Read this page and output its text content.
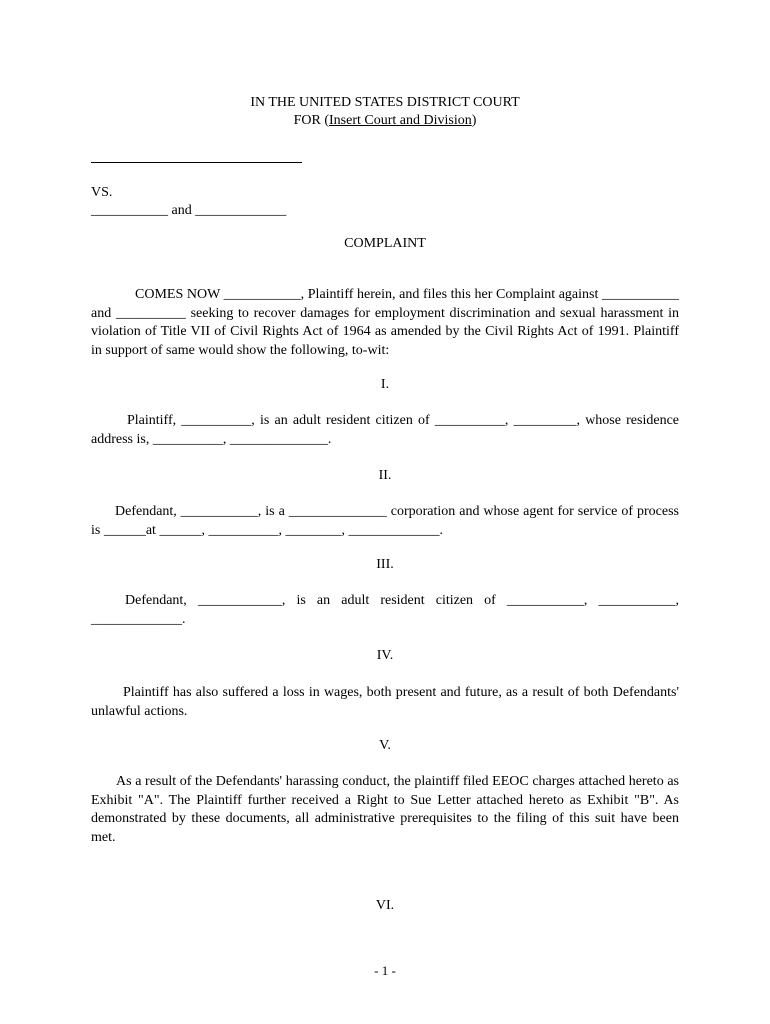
IN THE UNITED STATES DISTRICT COURT

FOR (Insert Court and Division)

VS.

___________ and _____________

COMPLAINT

COMES NOW ___________, Plaintiff herein, and files this her Complaint against ___________ and __________ seeking to recover damages for employment discrimination and sexual harassment in violation of Title VII of Civil Rights Act of 1964 as amended by the Civil Rights Act of 1991. Plaintiff in support of same would show the following, to-wit:

I.

Plaintiff, __________, is an adult resident citizen of __________, _________, whose residence address is, __________, ______________.

II.

Defendant, ___________, is a ______________ corporation and whose agent for service of process is ______at ______, __________, ________, _____________.

III.

Defendant, ____________, is an adult resident citizen of ___________, ___________, _____________.

IV.

Plaintiff has also suffered a loss in wages, both present and future, as a result of both Defendants' unlawful actions.

V.

As a result of the Defendants' harassing conduct, the plaintiff filed EEOC charges attached hereto as Exhibit "A". The Plaintiff further received a Right to Sue Letter attached hereto as Exhibit "B". As demonstrated by these documents, all administrative prerequisites to the filing of this suit have been met.

VI.

- 1 -
